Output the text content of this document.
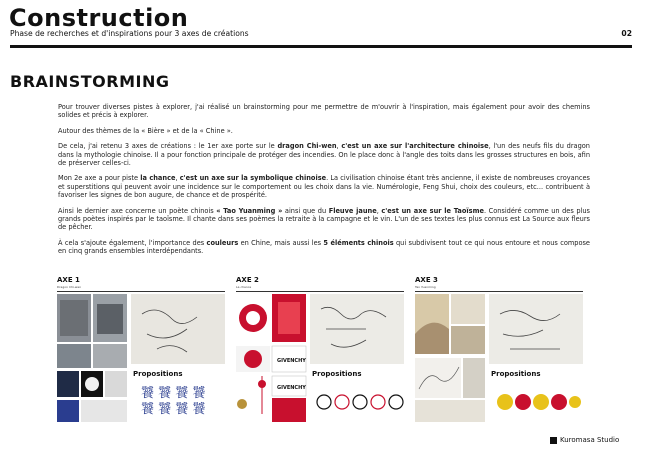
Construction
Phase de recherches et d'inspirations pour 3 axes de créations	02
BRAINSTORMING

Pour trouver diverses pistes à explorer, j'ai réalisé un brainstorming pour me permettre de m'ouvrir à l'inspiration, mais également pour avoir des chemins solides et précis à explorer.

Autour des thèmes de la « Bière » et de la « Chine ».

De cela, j'ai retenu 3 axes de créations : le 1er axe porte sur le dragon Chi-wen, c'est un axe sur l'architecture chinoise, l'un des neufs fils du dragon dans la mythologie chinoise. Il a pour fonction principale de protéger des incendies. On le place donc à l'angle des toits dans les grosses structures en bois, afin de préserver celles-ci.

Mon 2e axe a pour piste la chance, c'est un axe sur la symbolique chinoise. La civilisation chinoise étant très ancienne, il existe de nombreuses croyances et superstitions qui peuvent avoir une incidence sur le comportement ou les choix dans la vie. Numérologie, Feng Shui, choix des couleurs, etc... contribuent à favoriser les signes de bon augure, de chance et de prospérité.

Ainsi le dernier axe concerne un poète chinois « Tao Yuanming » ainsi que du Fleuve jaune, c'est un axe sur le Taoïsme. Considéré comme un des plus grands poètes inspirés par le taoïsme. Il chante dans ses poèmes la retraite à la campagne et le vin. L'un de ses textes les plus connus est La Source aux fleurs de pêcher.

À cela s'ajoute également, l'importance des couleurs en Chine, mais aussi les 5 éléments chinois qui subdivisent tout ce qui nous entoure et nous compose en cinq grands ensembles interdépendants.

AXE 1
Dragon Chi-wen
Propositions
饕 饕 饕 饕
饕 饕 饕 饕
AXE 2
La chance
GIVENCHY
GIVENCHY
Propositions
AXE 3
Tao Yuanming
Propositions
Kuromasa Studio
